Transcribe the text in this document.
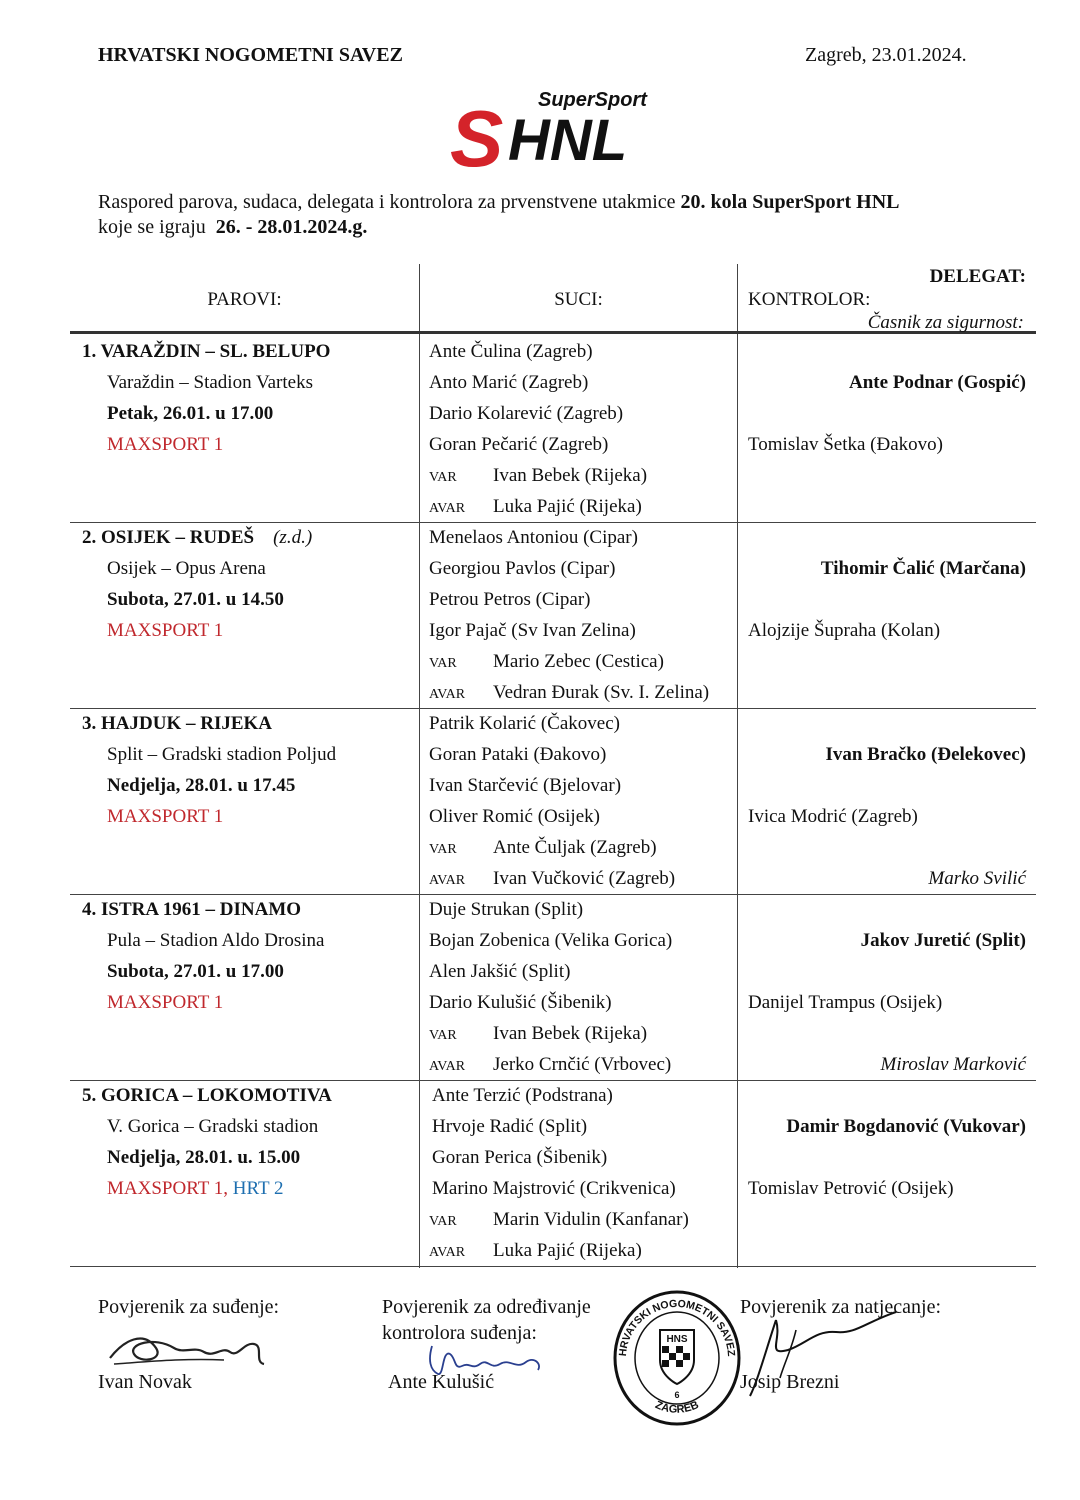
HRVATSKI NOGOMETNI SAVEZ	Zagreb, 23.01.2024.
SuperSport
S HNL
Raspored parova, sudaca, delegata i kontrolora za prvenstvene utakmice 20. kola SuperSport HNL
koje se igraju 26. - 28.01.2024.g.
PAROVI:	SUCI:
DELEGAT:
KONTROLOR:
Časnik za sigurnost:
1. VARAŽDIN – SL. BELUPO
Varaždin – Stadion Varteks
Petak, 26.01. u 17.00
MAXSPORT 1
Ante Čulina (Zagreb)
Anto Marić (Zagreb)
Dario Kolarević (Zagreb)
Goran Pečarić (Zagreb)
VAR Ivan Bebek (Rijeka)
AVAR Luka Pajić (Rijeka)
Ante Podnar (Gospić)
Tomislav Šetka (Đakovo)
2. OSIJEK – RUDEŠ (z.d.)
Osijek – Opus Arena
Subota, 27.01. u 14.50
MAXSPORT 1
Menelaos Antoniou (Cipar)
Georgiou Pavlos (Cipar)
Petrou Petros (Cipar)
Igor Pajač (Sv Ivan Zelina)
VAR Mario Zebec (Cestica)
AVAR Vedran Đurak (Sv. I. Zelina)
Tihomir Čalić (Marčana)
Alojzije Šupraha (Kolan)
3. HAJDUK – RIJEKA
Split – Gradski stadion Poljud
Nedjelja, 28.01. u 17.45
MAXSPORT 1
Patrik Kolarić (Čakovec)
Goran Pataki (Đakovo)
Ivan Starčević (Bjelovar)
Oliver Romić (Osijek)
VAR Ante Čuljak (Zagreb)
AVAR Ivan Vučković (Zagreb)
Ivan Bračko (Đelekovec)
Ivica Modrić (Zagreb)
Marko Svilić
4. ISTRA 1961 – DINAMO
Pula – Stadion Aldo Drosina
Subota, 27.01. u 17.00
MAXSPORT 1
Duje Strukan (Split)
Bojan Zobenica (Velika Gorica)
Alen Jakšić (Split)
Dario Kulušić (Šibenik)
VAR Ivan Bebek (Rijeka)
AVAR Jerko Crnčić (Vrbovec)
Jakov Juretić (Split)
Danijel Trampus (Osijek)
Miroslav Marković
5. GORICA – LOKOMOTIVA
V. Gorica – Gradski stadion
Nedjelja, 28.01. u. 15.00
MAXSPORT 1, HRT 2
Ante Terzić (Podstrana)
Hrvoje Radić (Split)
Goran Perica (Šibenik)
Marino Majstrović (Crikvenica)
VAR Marin Vidulin (Kanfanar)
AVAR Luka Pajić (Rijeka)
Damir Bogdanović (Vukovar)
Tomislav Petrović (Osijek)
Povjerenik za suđenje:
Ivan Novak
Povjerenik za određivanje
kontrolora suđenja:
Ante Kulušić
Povjerenik za natjecanje:
Josip Brezni
HRVATSKI NOGOMETNI SAVEZ
ZAGREB
HNS
6
